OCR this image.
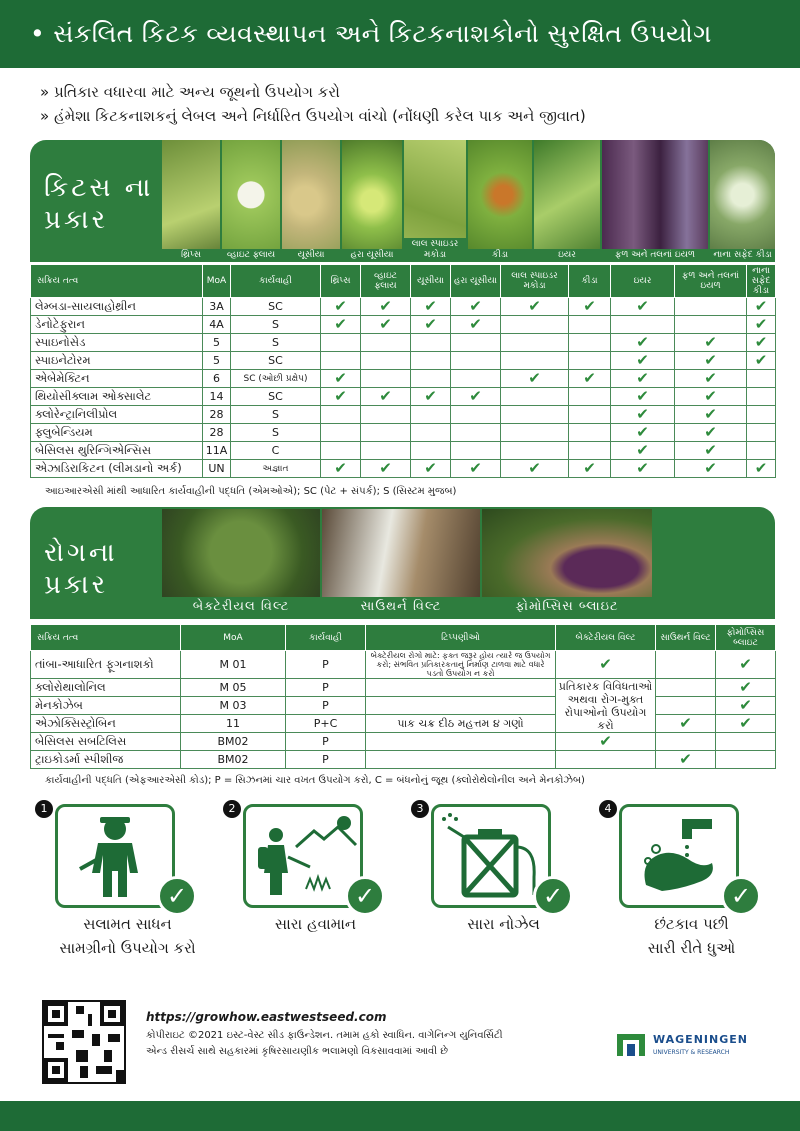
• સંકલિત કિટક વ્યવસ્થાપન અને કિટકનાશકોનો સુરક્ષિત ઉપયોગ
» પ્રતિકાર વધારવા માટે અન્ય જૂથનો ઉપયોગ કરો
» હંમેશા કિટકનાશકનું લેબલ અને નિર્ધારિત ઉપયોગ વાંચો (નોંધણી કરેલ પાક અને જીવાત)
કિટસ ના
પ્રકાર
થ્રિપ્સ	વ્હાઇટ ફ્લાય	યૂસીયા	હરા યૂસીયા
લાલ સ્પાઇડર મકોડા	કીડા	ઇયર	ફળ અને તલનાં ઇયળ	નાના સફેદ કીડા
સક્રિય તત્વ	MoA	કાર્યવાહી	થ્રિપ્સ	વ્હાઇટ ફ્લાય	યૂસીયા	હરા યૂસીયા	લાલ સ્પાઇડર મકોડા	કીડા	ઇયર	ફળ અને તલનાં ઇયળ	નાના સફેદ કીડા
લેમ્બડા-સાયલાહોથ્રીન	3A	SC	✔	✔	✔	✔	✔	✔	✔		✔
ડેનોટેફુરાન	4A	S	✔	✔	✔	✔					✔
સ્પાઇનોસેડ	5	S							✔	✔	✔
સ્પાઇનેટોરમ	5	SC							✔	✔	✔
એબેમેક્ટિન	6	SC (ઓછી પ્રક્ષેપ)	✔				✔	✔	✔	✔	
થિયોસીક્લામ ઓક્સાલેટ	14	SC	✔	✔	✔	✔			✔	✔	
ક્લોરેન્ટ્રાનિલીપ્રોલ	28	S							✔	✔	
ફ્લુબેન્ડિયમ	28	S							✔	✔	
બેસિલસ થુરિન્ગિએન્સિસ	11A	C							✔	✔	
એઝાડિરાકિટન (લીમડાનો અર્ક)	UN	અજ્ઞાત	✔	✔	✔	✔	✔	✔	✔	✔	✔
આઇઆરએસી માંથી આધારિત કાર્યવાહીની પદ્ધતિ (એમઓએ); SC (પેટ + સંપર્ક); S (સિસ્ટમ મુજબ)
રોગના
પ્રકાર
બેક્ટેરીયલ વિલ્ટ	સાઉથર્ન વિલ્ટ	ફોમોપ્સિસ બ્લાઇટ
સક્રિય તત્વ	MoA	કાર્યવાહી	ટિપ્પણીઓ	બેક્ટેરીયલ વિલ્ટ	સાઉથર્ન વિલ્ટ	ફોમોપ્સિસ બ્લાઇટ
તાંબા-આધારિત ફૂગનાશકો	M 01	P	બેક્ટેરીયલ રોગો માટે: ફક્ત જરૂર હોય ત્યારે જ ઉપયોગ કરો; સંભવિત પ્રતિકારકતાનું નિર્માણ ટાળવા માટે વધારે પડતો ઉપયોગ ન કરો	✔		✔
ક્લોરોથાલોનિલ	M 05	P		પ્રતિકારક વિવિધતાઓ અથવા રોગ-મુક્ત રોપાઓનો ઉપયોગ કરો		✔
મેનકોઝેબ	M 03	P				✔
એઝોક્સિસ્ટ્રોબિન	11	P+C	પાક ચક્ર દીઠ મહત્તમ ૪ ગણો		✔	✔
બેસિલસ સબટિલિસ	BM02	P		✔		
ટ્રાઇકોડર્મા સ્પીશીજ	BM02	P			✔	
કાર્યવાહીની પદ્ધતિ (એફઆરએસી કોડ); P = સિઝનમાં ચાર વખત ઉપયોગ કરો, C = બંધનોનું જૂથ (ક્લોરોથેલોનીલ અને મેનકોઝેબ)
1
✓
સલામત સાધન
સામગ્રીનો ઉપયોગ કરો
2
✓
સારા હવામાન
3
✓
સારા નોઝેલ
4
✓
છંટકાવ પછી
સારી રીતે ધુઓ
https://growhow.eastwestseed.com
કોપીરાઇટ ©2021 ઇસ્ટ-વેસ્ટ સીડ ફાઉન્ડેશન. તમામ હકો સ્વાધિન. વાગેનિન્ગ યુનિવર્સિટી એન્ડ રીસર્ચ સાથે સહકારમાં કૃષિરસાયણીક ભલામણો વિકસાવવામાં આવી છે
WAGENINGEN
UNIVERSITY & RESEARCH
